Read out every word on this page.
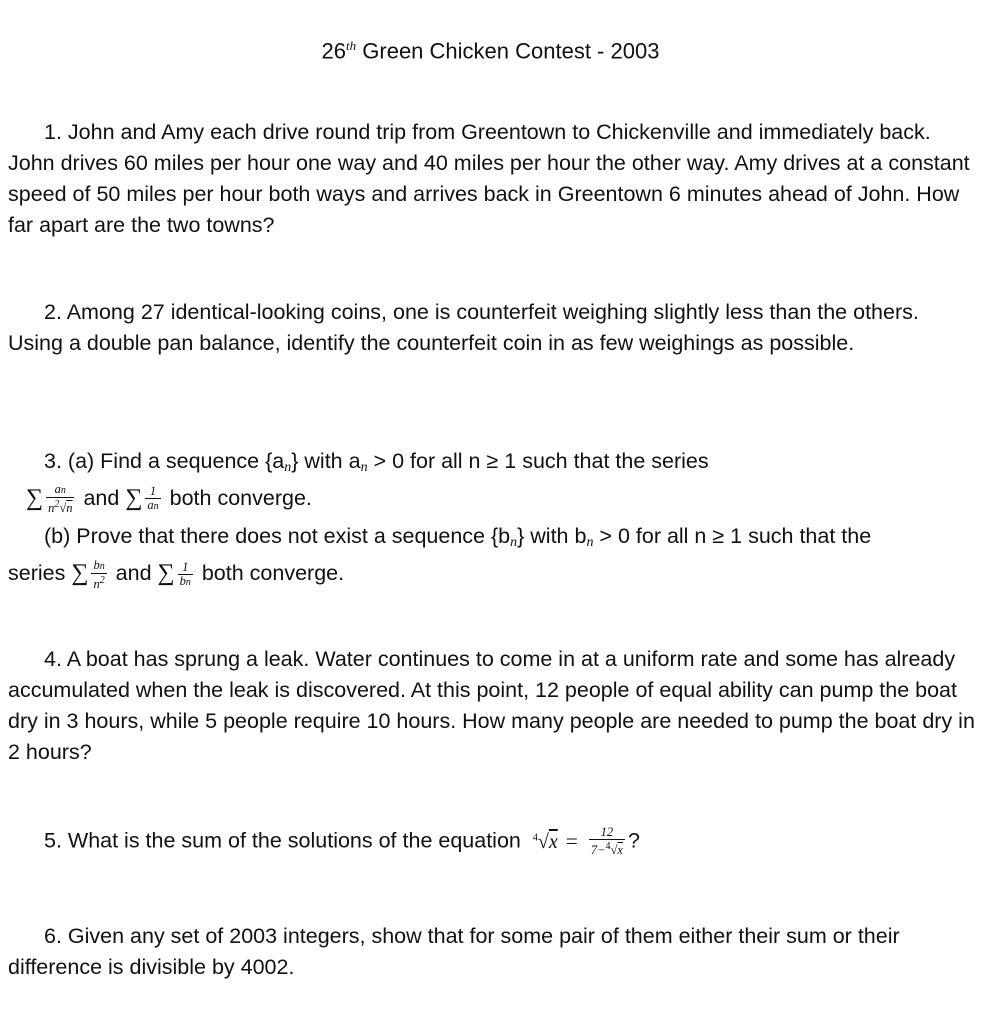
26th Green Chicken Contest - 2003
1. John and Amy each drive round trip from Greentown to Chickenville and immediately back. John drives 60 miles per hour one way and 40 miles per hour the other way. Amy drives at a constant speed of 50 miles per hour both ways and arrives back in Greentown 6 minutes ahead of John. How far apart are the two towns?
2. Among 27 identical-looking coins, one is counterfeit weighing slightly less than the others. Using a double pan balance, identify the counterfeit coin in as few weighings as possible.
3. (a) Find a sequence $\{a_n\}$ with $a_n > 0$ for all n ≥ 1 such that the series
∑ $\frac{an}{n^2√n}$ and ∑ $\frac{1}{an}$ both converge.
(b) Prove that there does not exist a sequence $\{b_n\}$ with $b_n > 0$ for all n ≥ 1 such that the
series ∑ $\frac{bn}{n^2}$ and ∑ $\frac{1}{bn}$ both converge.
4. A boat has sprung a leak. Water continues to come in at a uniform rate and some has already accumulated when the leak is discovered. At this point, 12 people of equal ability can pump the boat dry in 3 hours, while 5 people require 10 hours. How many people are needed to pump the boat dry in 2 hours?
5. What is the sum of the solutions of the equation $^4√x = \frac{12}{7-^4√x}$ ?
6. Given any set of 2003 integers, show that for some pair of them either their sum or their difference is divisible by 4002.
